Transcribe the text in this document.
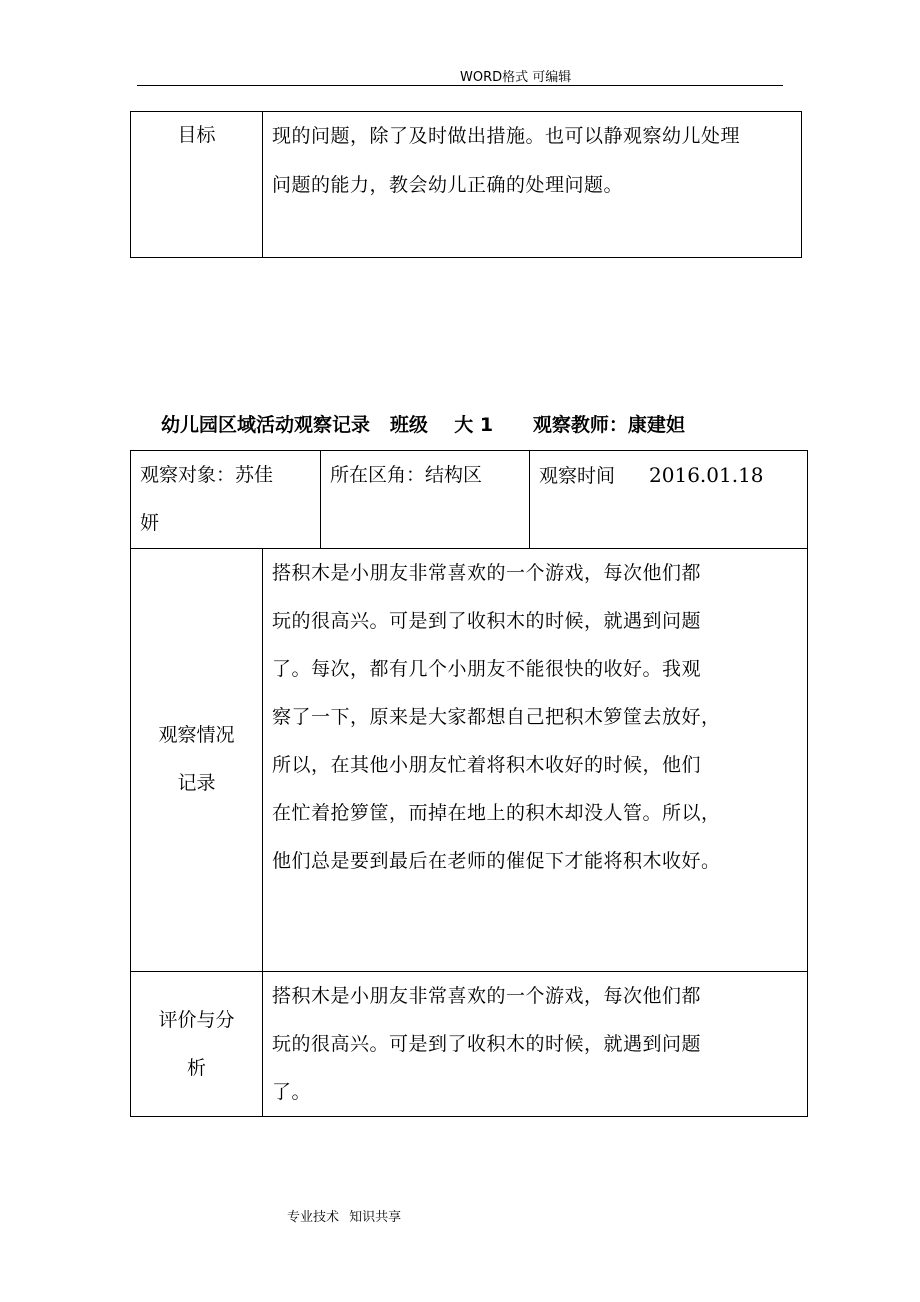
WORD格式 可编辑
目标	现的问题，除了及时做出措施。也可以静观察幼儿处理
问题的能力，教会幼儿正确的处理问题。
幼儿园区域活动观察记录   班级    大 1      观察教师：康建妲
观察对象：苏佳
妍
所在区角：结构区	观察时间 2016.01.18
观察情况
记录
搭积木是小朋友非常喜欢的一个游戏，每次他们都
玩的很高兴。可是到了收积木的时候，就遇到问题
了。每次，都有几个小朋友不能很快的收好。我观
察了一下，原来是大家都想自己把积木箩筐去放好，
所以，在其他小朋友忙着将积木收好的时候，他们
在忙着抢箩筐，而掉在地上的积木却没人管。所以，
他们总是要到最后在老师的催促下才能将积木收好。
评价与分
析
搭积木是小朋友非常喜欢的一个游戏，每次他们都
玩的很高兴。可是到了收积木的时候，就遇到问题
了。
专业技术 知识共享
